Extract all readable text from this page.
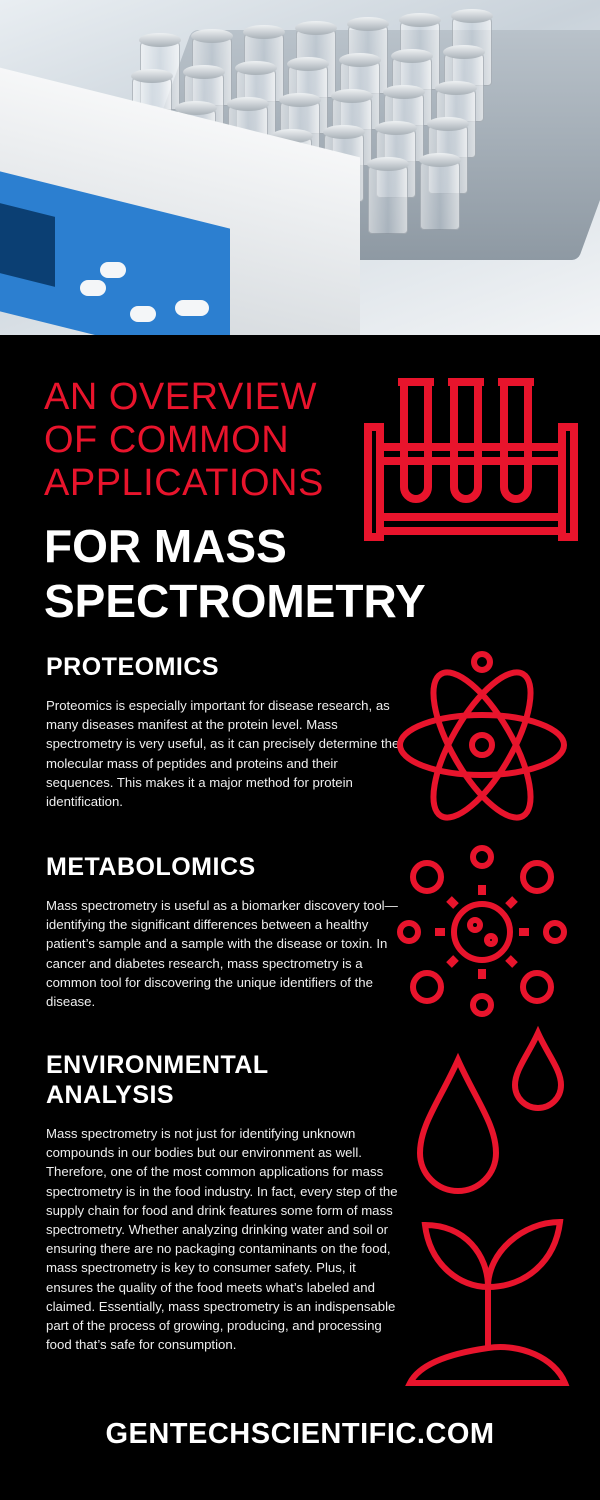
AN OVERVIEW
OF COMMON
APPLICATIONS
FOR MASS
SPECTROMETRY
PROTEOMICS

Proteomics is especially important for disease research, as many diseases manifest at the protein level. Mass spectrometry is very useful, as it can precisely determine the molecular mass of peptides and proteins and their sequences. This makes it a major method for protein identification.

METABOLOMICS

Mass spectrometry is useful as a biomarker discovery tool—identifying the significant differences between a healthy patient’s sample and a sample with the disease or toxin. In cancer and diabetes research, mass spectrometry is a common tool for discovering the unique identifiers of the disease.

ENVIRONMENTAL
ANALYSIS

Mass spectrometry is not just for identifying unknown compounds in our bodies but our environment as well. Therefore, one of the most common applications for mass spectrometry is in the food industry. In fact, every step of the supply chain for food and drink features some form of mass spectrometry. Whether analyzing drinking water and soil or ensuring there are no packaging contaminants on the food, mass spectrometry is key to consumer safety. Plus, it ensures the quality of the food meets what’s labeled and claimed. Essentially, mass spectrometry is an indispensable part of the process of growing, producing, and processing food that’s safe for consumption.

GENTECHSCIENTIFIC.COM
